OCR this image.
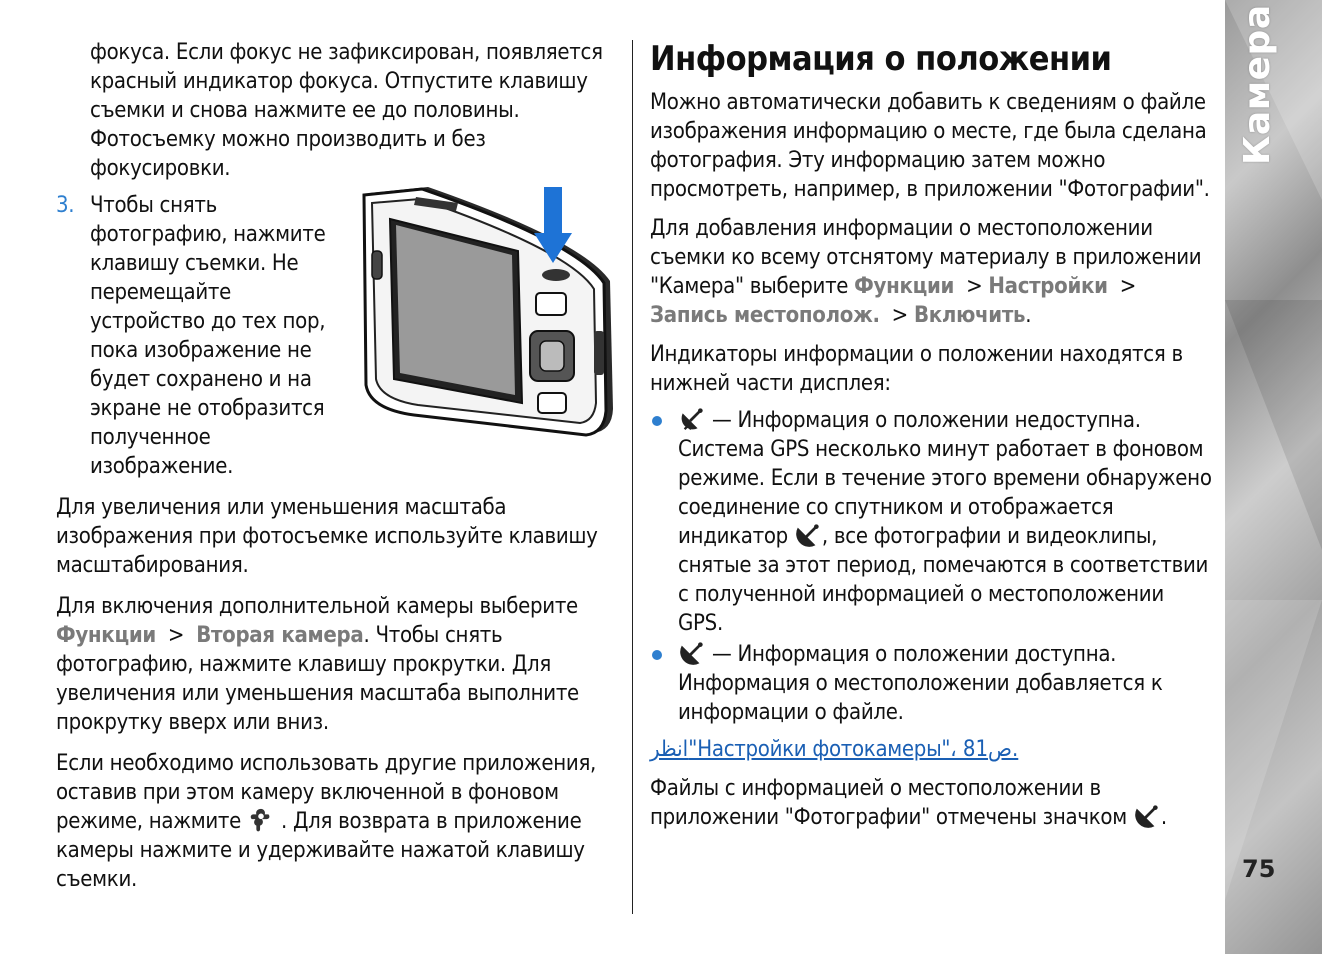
фокуса. Если фокус не зафиксирован, появляется красный индикатор фокуса. Отпустите клавишу съемки и снова нажмите ее до половины. Фотосъемку можно производить и без фокусировки.

3. Чтобы снять фотографию, нажмите клавишу съемки. Не перемещайте устройство до тех пор, пока изображение не будет сохранено и на экране не отобразится полученное изображение.

Для увеличения или уменьшения масштаба изображения при фотосъемке используйте клавишу масштабирования.

Для включения дополнительной камеры выберите Функции > Вторая камера. Чтобы снять фотографию, нажмите клавишу прокрутки. Для увеличения или уменьшения масштаба выполните прокрутку вверх или вниз.

Если необходимо использовать другие приложения, оставив при этом камеру включенной в фоновом режиме, нажмите . Для возврата в приложение камеры нажмите и удерживайте нажатой клавишу съемки.

Информация о положении

Можно автоматически добавить к сведениям о файле изображения информацию о месте, где была сделана фотография. Эту информацию затем можно просмотреть, например, в приложении "Фотографии".

Для добавления информации о местоположении съемки ко всему отснятому материалу в приложении "Камера" выберите Функции > Настройки >  Запись местополож. > Включить.

Индикаторы информации о положении находятся в нижней части дисплея:

— Информация о положении недоступна. Система GPS несколько минут работает в фоновом режиме. Если в течение этого времени обнаружено соединение со спутником и отображается индикатор , все фотографии и видеоклипы, снятые за этот период, помечаются в соответствии с полученной информацией о местоположении GPS.
— Информация о положении доступна. Информация о местоположении добавляется к информации о файле.

انظر"Настройки фотокамеры"، 81ص.

Файлы с информацией о местоположении в приложении "Фотографии" отмечены значком .

75
